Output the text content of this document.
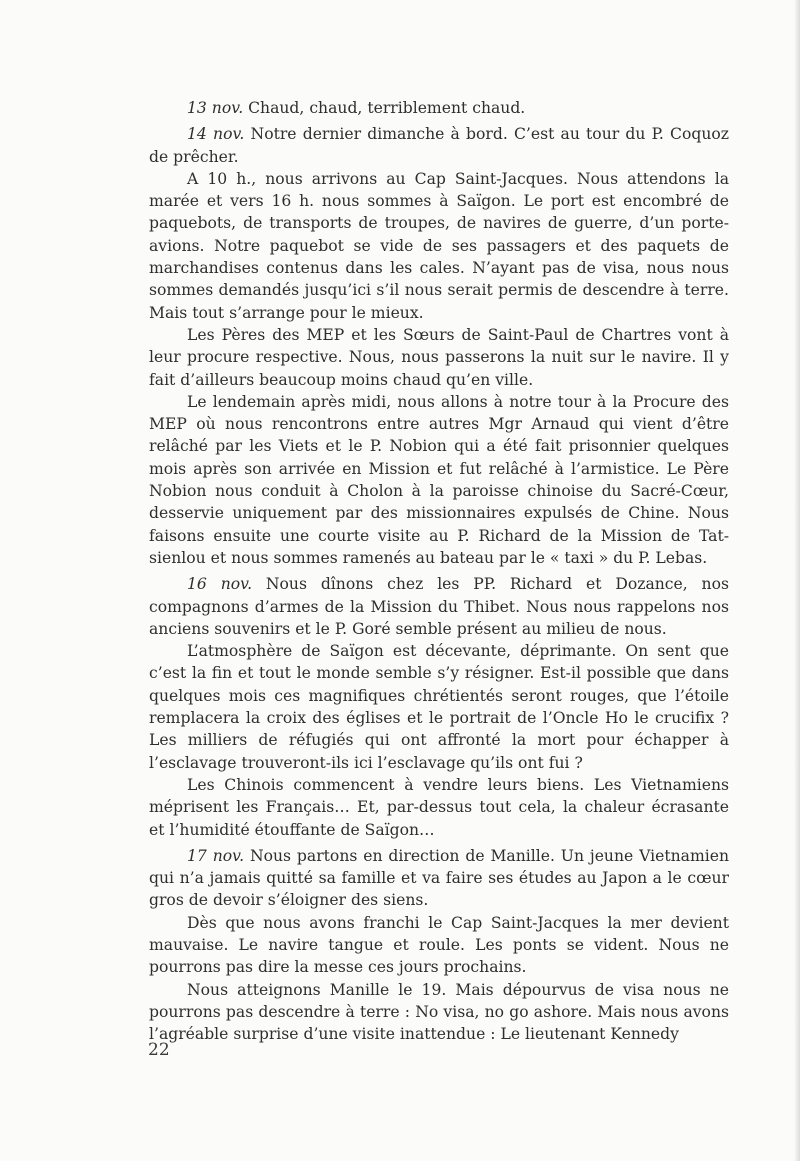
13 nov. Chaud, chaud, terriblement chaud.

14 nov. Notre dernier dimanche à bord. C’est au tour du P. Coquoz de prêcher.

A 10 h., nous arrivons au Cap Saint-Jacques. Nous attendons la marée et vers 16 h. nous sommes à Saïgon. Le port est encombré de paquebots, de transports de troupes, de navires de guerre, d’un porte-avions. Notre paquebot se vide de ses passagers et des paquets de marchandises contenus dans les cales. N’ayant pas de visa, nous nous sommes demandés jusqu’ici s’il nous serait permis de descendre à terre. Mais tout s’arrange pour le mieux.

Les Pères des MEP et les Sœurs de Saint-Paul de Chartres vont à leur procure respective. Nous, nous passerons la nuit sur le navire. Il y fait d’ailleurs beaucoup moins chaud qu’en ville.

Le lendemain après midi, nous allons à notre tour à la Procure des MEP où nous rencontrons entre autres Mgr Arnaud qui vient d’être relâché par les Viets et le P. Nobion qui a été fait prisonnier quelques mois après son arrivée en Mission et fut relâché à l’armistice. Le Père Nobion nous conduit à Cholon à la paroisse chinoise du Sacré-Cœur, desservie uniquement par des missionnaires expulsés de Chine. Nous faisons ensuite une courte visite au P. Richard de la Mission de Tat-sienlou et nous sommes ramenés au bateau par le « taxi » du P. Lebas.

16 nov. Nous dînons chez les PP. Richard et Dozance, nos compagnons d’armes de la Mission du Thibet. Nous nous rappelons nos anciens souvenirs et le P. Goré semble présent au milieu de nous.

L’atmosphère de Saïgon est décevante, déprimante. On sent que c’est la fin et tout le monde semble s’y résigner. Est-il possible que dans quelques mois ces magnifiques chrétientés seront rouges, que l’étoile remplacera la croix des églises et le portrait de l’Oncle Ho le crucifix ? Les milliers de réfugiés qui ont affronté la mort pour échapper à l’esclavage trouveront-ils ici l’esclavage qu’ils ont fui ?

Les Chinois commencent à vendre leurs biens. Les Vietnamiens méprisent les Français… Et, par-dessus tout cela, la chaleur écrasante et l’humidité étouffante de Saïgon…

17 nov. Nous partons en direction de Manille. Un jeune Vietnamien qui n’a jamais quitté sa famille et va faire ses études au Japon a le cœur gros de devoir s’éloigner des siens.

Dès que nous avons franchi le Cap Saint-Jacques la mer devient mauvaise. Le navire tangue et roule. Les ponts se vident. Nous ne pourrons pas dire la messe ces jours prochains.

Nous atteignons Manille le 19. Mais dépourvus de visa nous ne pourrons pas descendre à terre : No visa, no go ashore. Mais nous avons l’agréable surprise d’une visite inattendue : Le lieutenant Kennedy

22
